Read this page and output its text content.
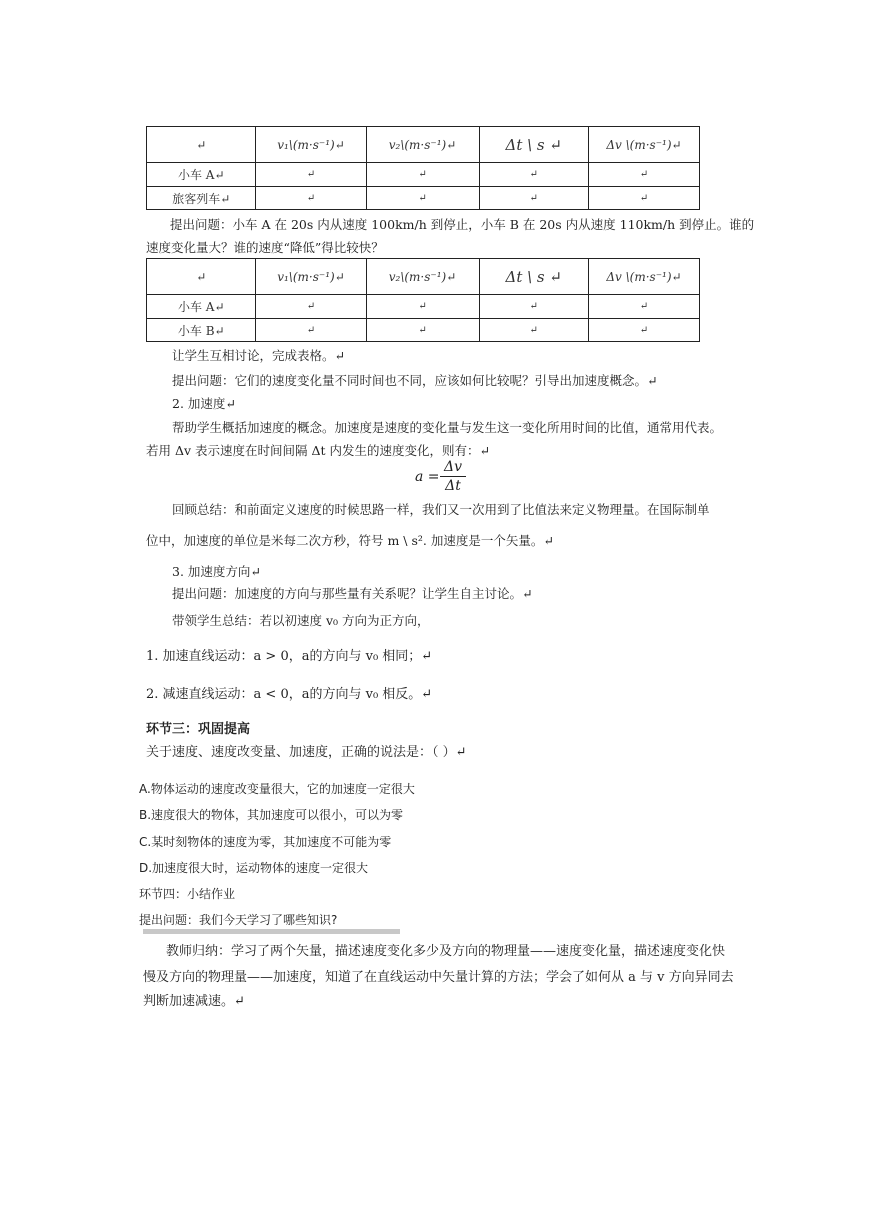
↵	v₁\(m·s⁻¹)↵	v₂\(m·s⁻¹)↵	Δt \ s ↵	Δv \(m·s⁻¹)↵
小车 A↵	↵	↵	↵	↵
旅客列车↵	↵	↵	↵	↵
提出问题：小车 A 在 20s 内从速度 100km/h 到停止，小车 B 在 20s 内从速度 110km/h 到停止。谁的
速度变化量大？谁的速度“降低”得比较快？
↵	v₁\(m·s⁻¹)↵	v₂\(m·s⁻¹)↵	Δt \ s ↵	Δv \(m·s⁻¹)↵
小车 A↵	↵	↵	↵	↵
小车 B↵	↵	↵	↵	↵
让学生互相讨论，完成表格。↵
提出问题：它们的速度变化量不同时间也不同，应该如何比较呢？引导出加速度概念。↵
2. 加速度↵
帮助学生概括加速度的概念。加速度是速度的变化量与发生这一变化所用时间的比值，通常用代表。
若用 Δv 表示速度在时间间隔 Δt 内发生的速度变化，则有：↵
a =
Δv
Δt
回顾总结：和前面定义速度的时候思路一样，我们又一次用到了比值法来定义物理量。在国际制单
位中，加速度的单位是米每二次方秒，符号 m \ s². 加速度是一个矢量。↵
3. 加速度方向↵
提出问题：加速度的方向与那些量有关系呢？让学生自主讨论。↵
带领学生总结：若以初速度 v₀ 方向为正方向，
1. 加速直线运动：a > 0，a的方向与 v₀ 相同；↵
2. 减速直线运动：a < 0，a的方向与 v₀ 相反。↵
环节三：巩固提高
关于速度、速度改变量、加速度，正确的说法是：（ ）↵
A.物体运动的速度改变量很大，它的加速度一定很大
B.速度很大的物体，其加速度可以很小，可以为零
C.某时刻物体的速度为零，其加速度不可能为零
D.加速度很大时，运动物体的速度一定很大
环节四：小结作业
提出问题：我们今天学习了哪些知识?
教师归纳：学习了两个矢量，描述速度变化多少及方向的物理量——速度变化量，描述速度变化快
慢及方向的物理量——加速度，知道了在直线运动中矢量计算的方法；学会了如何从 a 与 v 方向异同去
判断加速减速。↵
